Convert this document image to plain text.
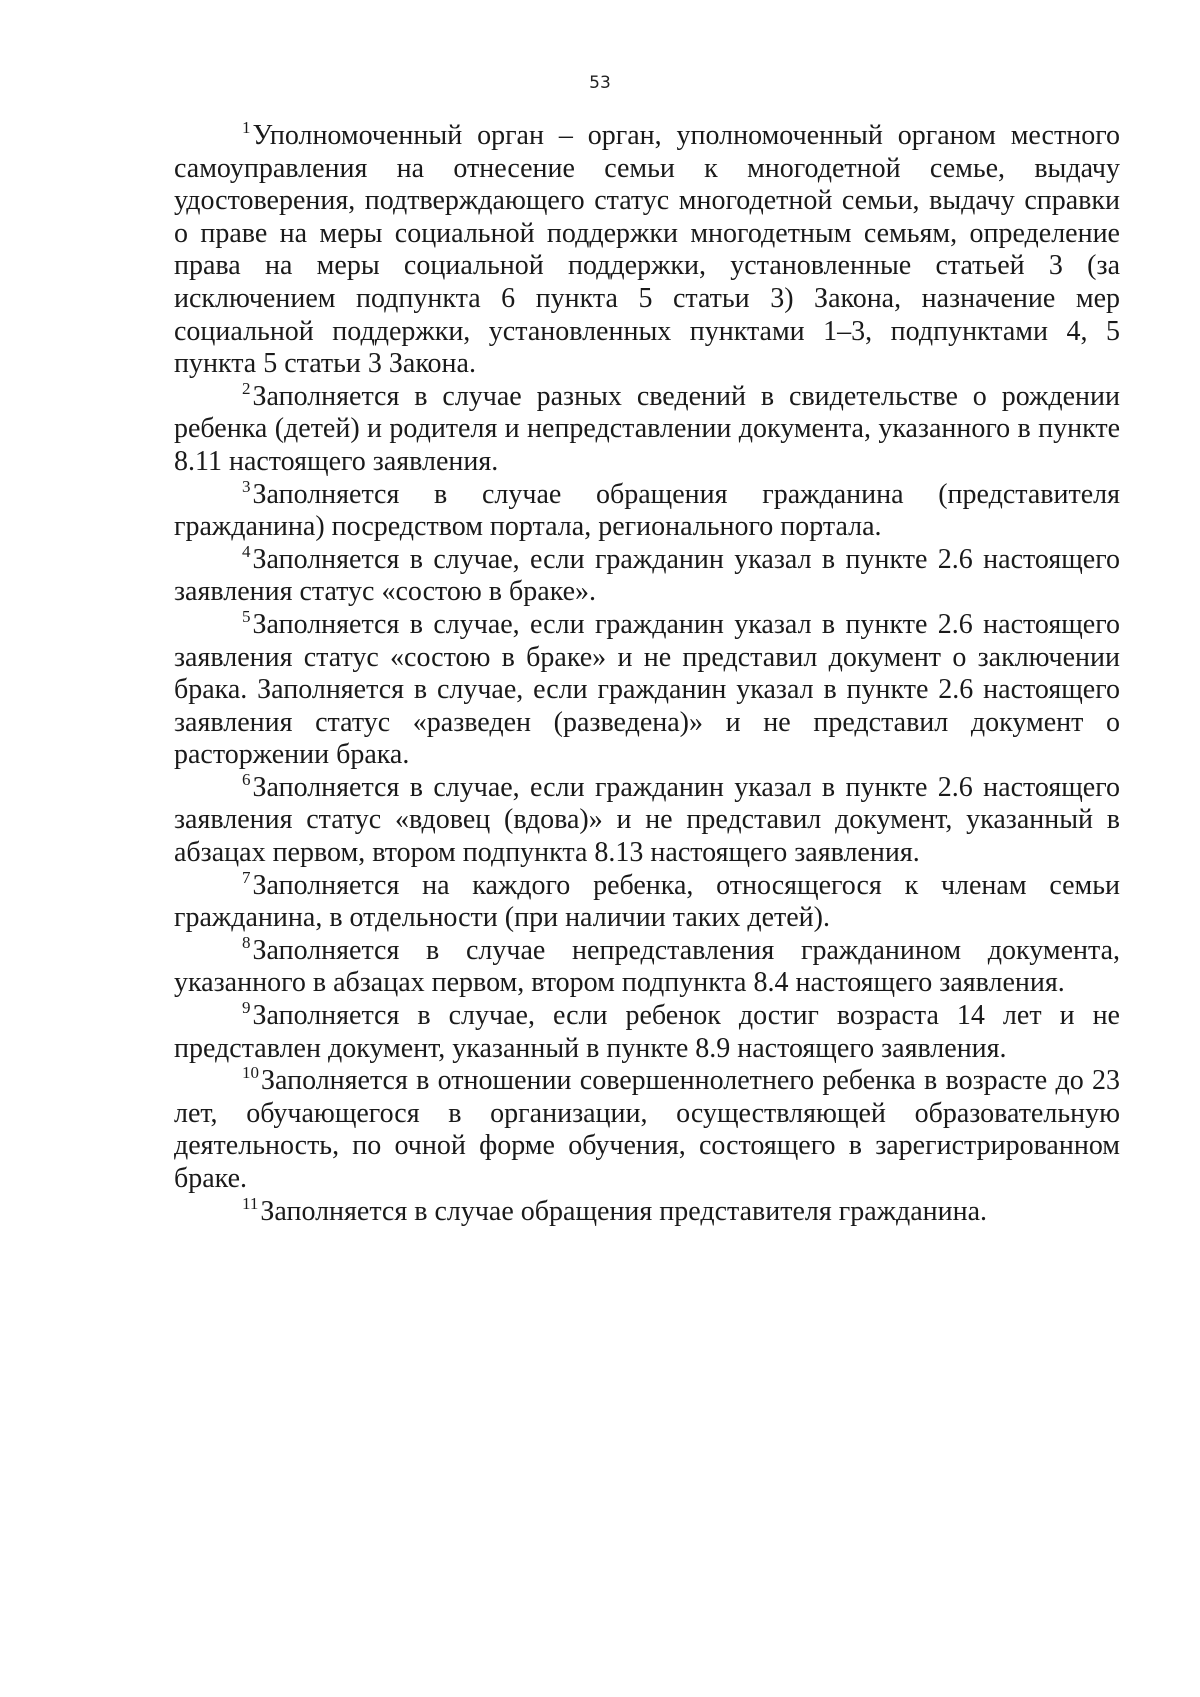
53

$^1$Уполномоченный орган – орган, уполномоченный органом местного самоуправления на отнесение семьи к многодетной семье, выдачу удостоверения, подтверждающего статус многодетной семьи, выдачу справки о праве на меры социальной поддержки многодетным семьям, определение права на меры социальной поддержки, установленные статьей 3 (за исключением подпункта 6 пункта 5 статьи 3) Закона, назначение мер социальной поддержки, установленных пунктами 1–3, подпунктами 4, 5 пункта 5 статьи 3 Закона.

$^2$Заполняется в случае разных сведений в свидетельстве о рождении ребенка (детей) и родителя и непредставлении документа, указанного в пункте 8.11 настоящего заявления.

$^3$Заполняется в случае обращения гражданина (представителя гражданина) посредством портала, регионального портала.

$^4$Заполняется в случае, если гражданин указал в пункте 2.6 настоящего заявления статус «состою в браке».

$^5$Заполняется в случае, если гражданин указал в пункте 2.6 настоящего заявления статус «состою в браке» и не представил документ о заключении брака. Заполняется в случае, если гражданин указал в пункте 2.6 настоящего заявления статус «разведен (разведена)» и не представил документ о расторжении брака.

$^6$Заполняется в случае, если гражданин указал в пункте 2.6 настоящего заявления статус «вдовец (вдова)» и не представил документ, указанный в абзацах первом, втором подпункта 8.13 настоящего заявления.

$^7$Заполняется на каждого ребенка, относящегося к членам семьи гражданина, в отдельности (при наличии таких детей).

$^8$Заполняется в случае непредставления гражданином документа, указанного в абзацах первом, втором подпункта 8.4 настоящего заявления.

$^9$Заполняется в случае, если ребенок достиг возраста 14 лет и не представлен документ, указанный в пункте 8.9 настоящего заявления.

$^{10}$Заполняется в отношении совершеннолетнего ребенка в возрасте до 23 лет, обучающегося в организации, осуществляющей образовательную деятельность, по очной форме обучения, состоящего в зарегистрированном браке.

$^{11}$Заполняется в случае обращения представителя гражданина.
